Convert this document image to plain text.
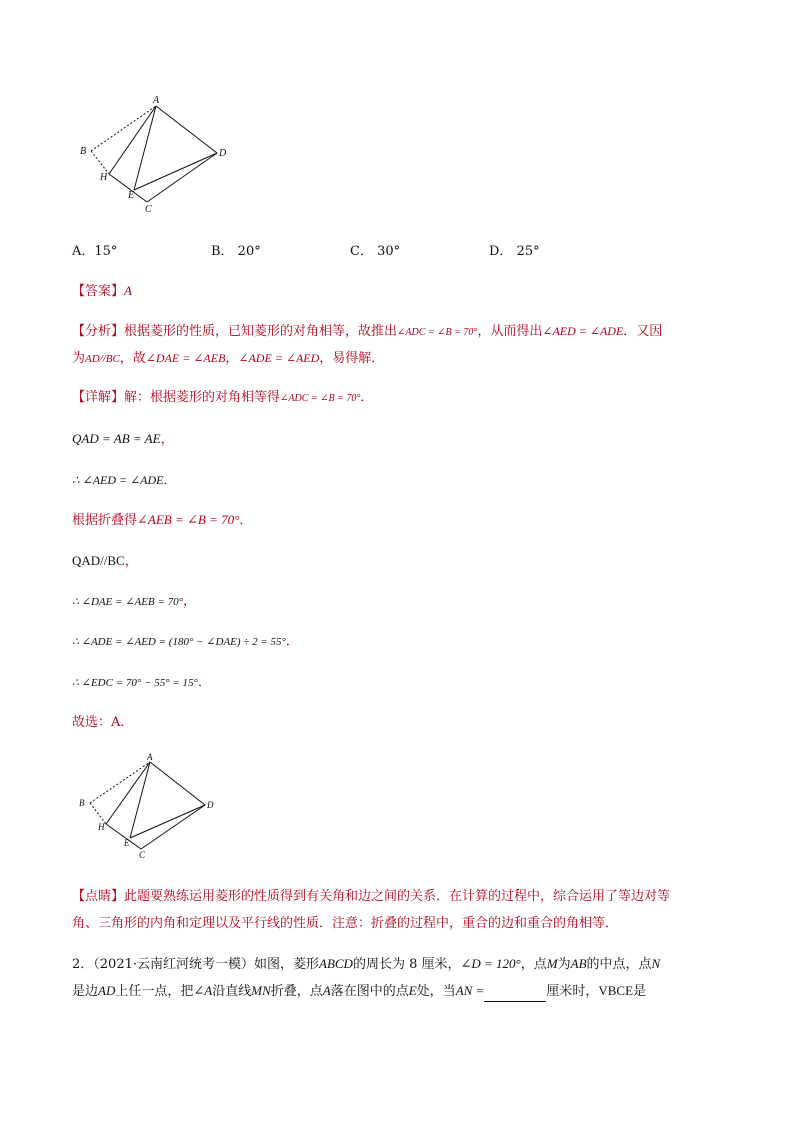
A
B	D
H
E
C
A．15°	B． 20°	C． 30°	D． 25°
【答案】A
【分析】根据菱形的性质，已知菱形的对角相等，故推出∠ADC = ∠B = 70°，从而得出∠AED = ∠ADE．又因
为AD//BC，故∠DAE = ∠AEB，∠ADE = ∠AED，易得解．
【详解】解：根据菱形的对角相等得∠ADC = ∠B = 70°．
QAD = AB = AE，
∴ ∠AED = ∠ADE．
根据折叠得∠AEB = ∠B = 70°．
QAD//BC，
∴ ∠DAE = ∠AEB = 70°，
∴ ∠ADE = ∠AED = (180° − ∠DAE) ÷ 2 = 55°．
∴ ∠EDC = 70° − 55° = 15°．
故选：A．
A
B	D
H
E
C
【点睛】此题要熟练运用菱形的性质得到有关角和边之间的关系．在计算的过程中，综合运用了等边对等
角、三角形的内角和定理以及平行线的性质．注意：折叠的过程中，重合的边和重合的角相等．
2．（2021·云南红河统考一模）如图，菱形ABCD的周长为 8 厘米，∠D = 120°，点M为AB的中点，点N
是边AD上任一点，把∠A沿直线MN折叠，点A落在图中的点E处，当AN =	厘米时，VBCE是
